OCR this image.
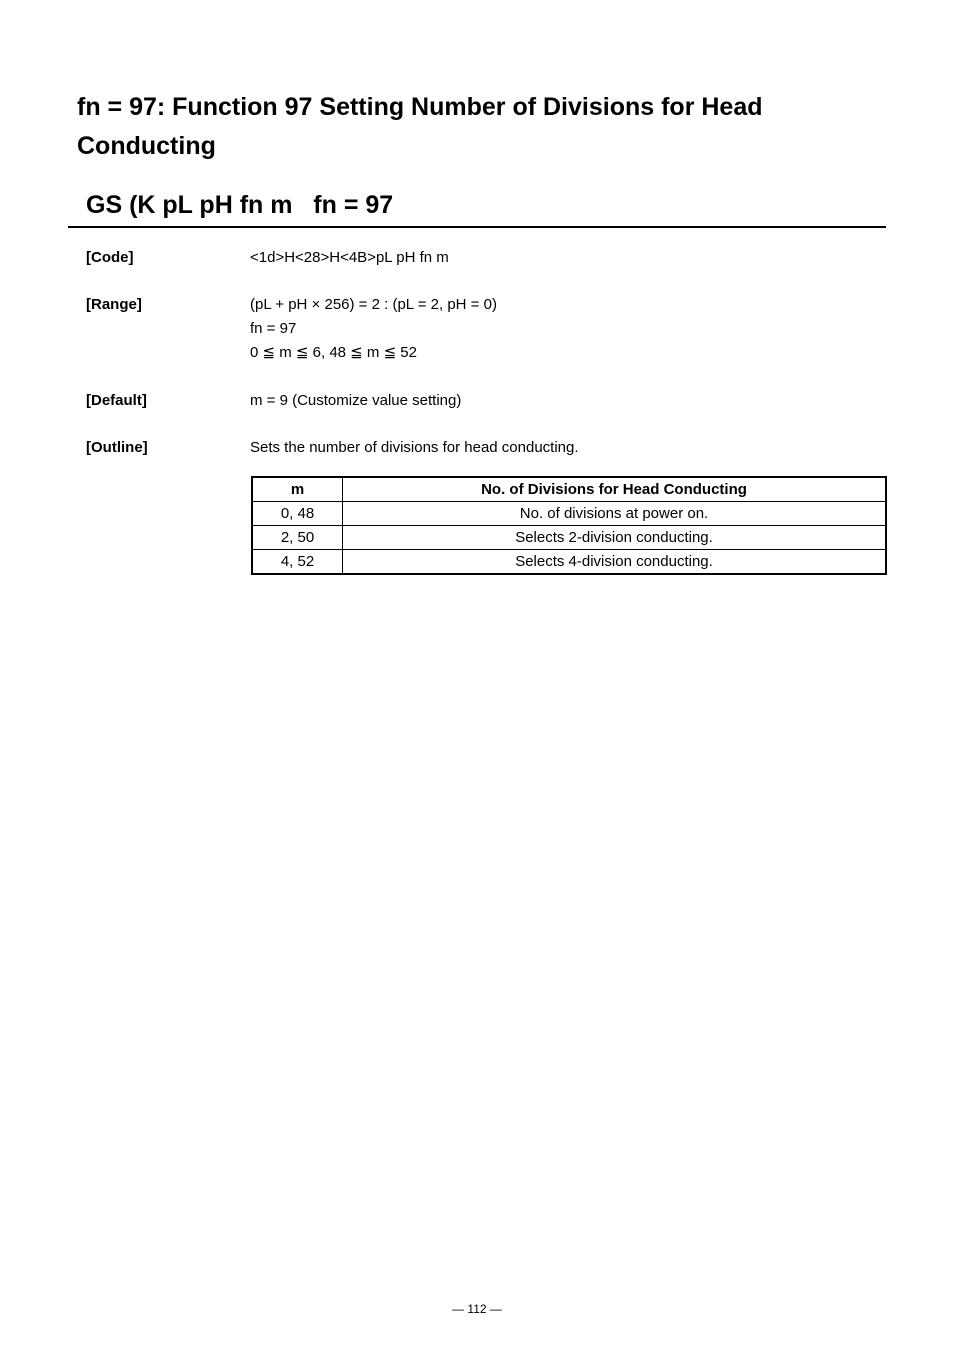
fn = 97: Function 97 Setting Number of Divisions for Head Conducting
GS (K pL pH fn m   fn = 97
[Code]	<1d>H<28>H<4B>pL pH fn m
[Range]	(pL + pH × 256) = 2 : (pL = 2, pH = 0)
fn = 97
0 ≦ m ≦ 6, 48 ≦ m ≦ 52
[Default]	m = 9 (Customize value setting)
[Outline]	Sets the number of divisions for head conducting.
m	No. of Divisions for Head Conducting
0, 48	No. of divisions at power on.
2, 50	Selects 2-division conducting.
4, 52	Selects 4-division conducting.
— 112 —
